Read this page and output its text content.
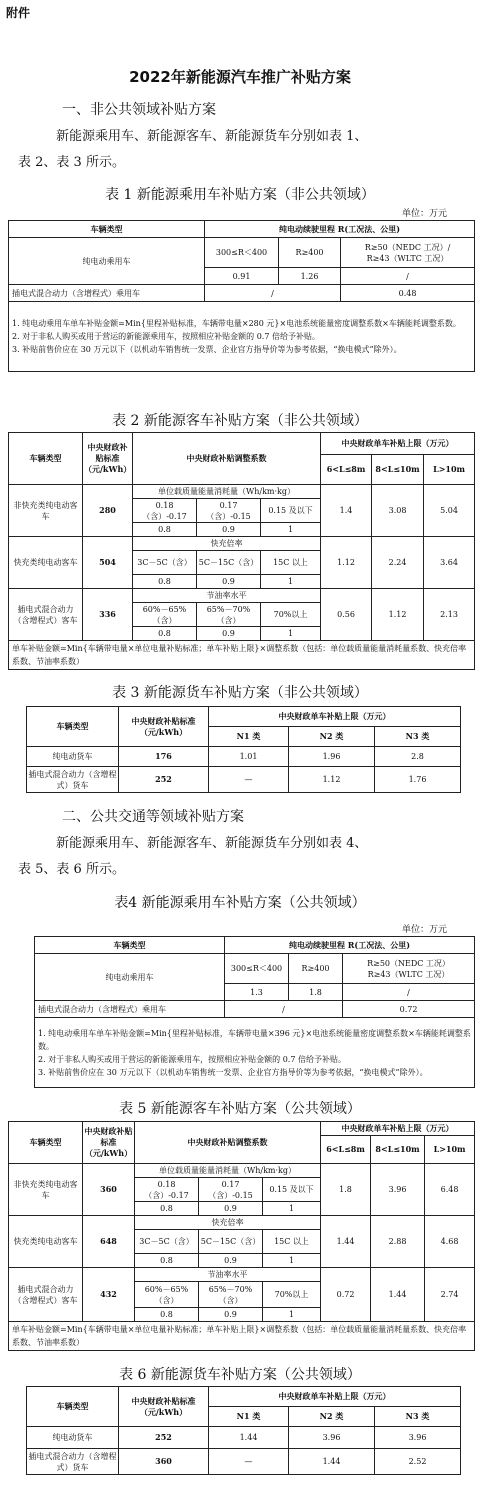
附件
2022年新能源汽车推广补贴方案
一、非公共领域补贴方案
新能源乘用车、新能源客车、新能源货车分别如表 1、
表 2、表 3 所示。
表 1 新能源乘用车补贴方案（非公共领域）
单位：万元
车辆类型	纯电动续驶里程 R(工况法、公里)		
纯电动乘用车	300≤R＜400	R≥400	R≥50（NEDC 工况）/
R≥43（WLTC 工况）

	0.91	1.26	/
插电式混合动力（含增程式）乘用车	/		0.48

1. 纯电动乘用车单车补贴金额=Min{里程补贴标准，车辆带电量×280 元}×电池系统能量密度调整系数×车辆能耗调整系数。
2. 对于非私人购买或用于营运的新能源乘用车，按照相应补贴金额的 0.7 倍给予补贴。
3. 补贴前售价应在 30 万元以下（以机动车销售统一发票、企业官方指导价等为参考依据，“换电模式”除外）。			
表 2 新能源客车补贴方案（非公共领域）
车辆类型	中央财政补贴标准（元/kWh）	中央财政补贴调整系数			中央财政单车补贴上限（万元）		
					6<L≤8m	8<L≤10m	L>10m
非快充类纯电动客车	280	单位载质量能量消耗量（Wh/km·kg）			1.4	3.08	5.04
		0.18（含）-0.17	0.17（含）-0.15	0.15 及以下			
		0.8	0.9	1			
快充类纯电动客车	504	快充倍率			1.12	2.24	3.64
		3C－5C（含）	5C－15C（含）	15C 以上			
		0.8	0.9	1			
插电式混合动力（含增程式）客车	336	节油率水平			0.56	1.12	2.13
		60%－65%（含）	65%－70%（含）	70%以上			
		0.8	0.9	1			
单车补贴金额=Min{车辆带电量×单位电量补贴标准；单车补贴上限}×调整系数（包括：单位载质量能量消耗量系数、快充倍率系数、节油率系数）							
表 3 新能源货车补贴方案（非公共领域）
车辆类型	中央财政补贴标准（元/kWh）	中央财政单车补贴上限（万元）		
		N1 类	N2 类	N3 类
纯电动货车	176	1.01	1.96	2.8
插电式混合动力（含增程式）货车	252	—	1.12	1.76
二、公共交通等领域补贴方案
新能源乘用车、新能源客车、新能源货车分别如表 4、
表 5、表 6 所示。
表4 新能源乘用车补贴方案（公共领域）
单位：万元
车辆类型	纯电动续驶里程 R(工况法、公里)		
纯电动乘用车	300≤R＜400	R≥400	R≥50（NEDC 工况）
R≥43（WLTC 工况）

	1.3	1.8	/
插电式混合动力（含增程式）乘用车	/		0.72

1. 纯电动乘用车单车补贴金额=Min{里程补贴标准，车辆带电量×396 元}×电池系统能量密度调整系数×车辆能耗调整系数。
2. 对于非私人购买或用于营运的新能源乘用车，按照相应补贴金额的 0.7 倍给予补贴。
3. 补贴前售价应在 30 万元以下（以机动车销售统一发票、企业官方指导价等为参考依据，“换电模式”除外）。			
表 5 新能源客车补贴方案（公共领域）
车辆类型	中央财政补贴标准（元/kWh）	中央财政补贴调整系数			中央财政单车补贴上限（万元）		
					6<L≤8m	8<L≤10m	L>10m
非快充类纯电动客车	360	单位载质量能量消耗量（Wh/km·kg）			1.8	3.96	6.48
		0.18（含）-0.17	0.17（含）-0.15	0.15 及以下			
		0.8	0.9	1			
快充类纯电动客车	648	快充倍率			1.44	2.88	4.68
		3C－5C（含）	5C－15C（含）	15C 以上			
		0.8	0.9	1			
插电式混合动力（含增程式）客车	432	节油率水平			0.72	1.44	2.74
		60%－65%（含）	65%－70%（含）	70%以上			
		0.8	0.9	1			
单车补贴金额=Min{车辆带电量×单位电量补贴标准；单车补贴上限}×调整系数（包括：单位载质量能量消耗量系数、快充倍率系数、节油率系数）							
表 6 新能源货车补贴方案（公共领域）
车辆类型	中央财政补贴标准（元/kWh）	中央财政单车补贴上限（万元）		
		N1 类	N2 类	N3 类
纯电动货车	252	1.44	3.96	3.96
插电式混合动力（含增程式）货车	360	—	1.44	2.52
